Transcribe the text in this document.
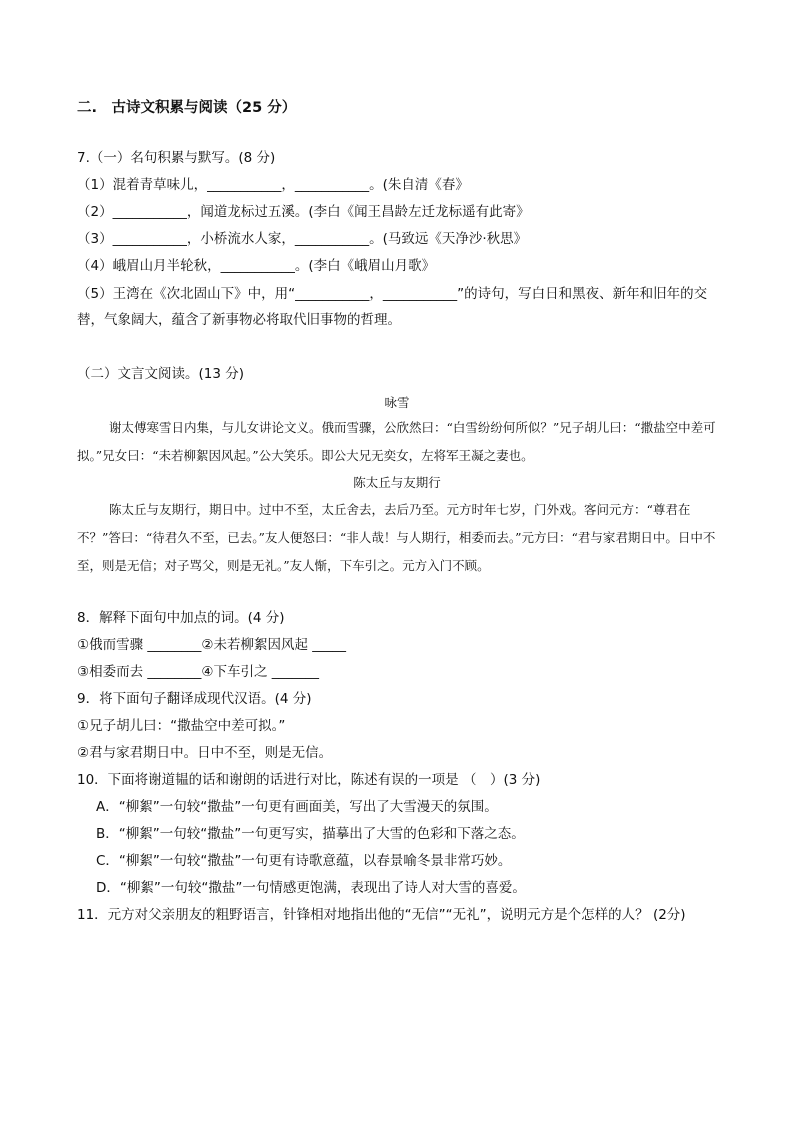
二.　古诗文积累与阅读（25 分）
7.（一）名句积累与默写。(8 分)
（1）混着青草味儿，___________，___________。(朱自清《春》
（2）___________，闻道龙标过五溪。(李白《闻王昌龄左迁龙标遥有此寄》
（3）___________，小桥流水人家，___________。(马致远《天净沙·秋思》
（4）峨眉山月半轮秋，___________。(李白《峨眉山月歌》
（5）王湾在《次北固山下》中，用“___________，___________”的诗句，写白日和黑夜、新年和旧年的交替，气象阔大，蕴含了新事物必将取代旧事物的哲理。
（二）文言文阅读。(13 分)
咏雪
谢太傅寒雪日内集，与儿女讲论文义。俄而雪骤，公欣然曰：“白雪纷纷何所似？”兄子胡儿曰：“撒盐空中差可拟。”兄女曰：“未若柳絮因风起。”公大笑乐。即公大兄无奕女，左将军王凝之妻也。
陈太丘与友期行
陈太丘与友期行，期日中。过中不至，太丘舍去，去后乃至。元方时年七岁，门外戏。客问元方：“尊君在不？”答曰：“待君久不至，已去。”友人便怒曰：“非人哉！与人期行，相委而去。”元方曰：“君与家君期日中。日中不至，则是无信；对子骂父，则是无礼。”友人惭，下车引之。元方入门不顾。
8．解释下面句中加点的词。(4 分)
①俄而雪骤 ________②未若柳絮因风起 _____
③相委而去 ________④下车引之 _______
9．将下面句子翻译成现代汉语。(4 分)
①兄子胡儿曰：“撒盐空中差可拟。”
②君与家君期日中。日中不至，则是无信。
10．下面将谢道韫的话和谢朗的话进行对比，陈述有误的一项是 （　）(3 分)
A．“柳絮”一句较“撒盐”一句更有画面美，写出了大雪漫天的氛围。
B．“柳絮”一句较“撒盐”一句更写实，描摹出了大雪的色彩和下落之态。
C．“柳絮”一句较“撒盐”一句更有诗歌意蕴，以春景喻冬景非常巧妙。
D．“柳絮”一句较“撒盐”一句情感更饱满，表现出了诗人对大雪的喜爱。
11．元方对父亲朋友的粗野语言，针锋相对地指出他的“无信”“无礼”，说明元方是个怎样的人？ (2分)
